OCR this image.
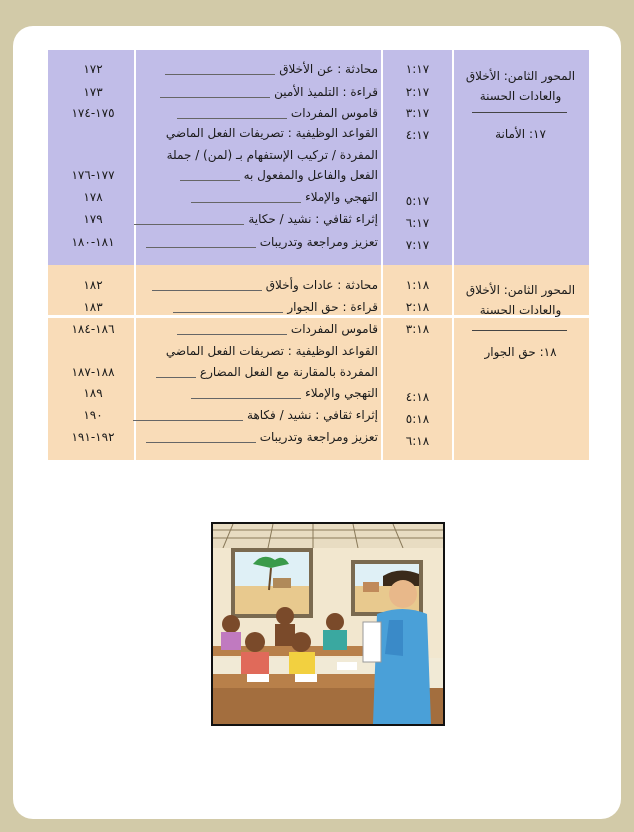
المحور الثامن: الأخلاق والعادات الحسنة
١٧: الأمانة
١:١٧
محادثة : عن الأخلاق
١٧٢
٢:١٧
قراءة : التلميذ الأمين
١٧٣
٣:١٧
قاموس المفردات
١٧٥-١٧٤
٤:١٧
القواعد الوظيفية : تصريفات الفعل الماضي
المفردة / تركيب الإستفهام بـ (لمن) / جملة
الفعل والفاعل والمفعول به
١٧٧-١٧٦
٥:١٧
التهجي والإملاء
١٧٨
٦:١٧
إثراء ثقافي : نشيد / حكاية
١٧٩
٧:١٧
تعزيز ومراجعة وتدريبات
١٨١-١٨٠
المحور الثامن: الأخلاق والعادات الحسنة
١٨: حق الجوار
١:١٨
محادثة : عادات وأخلاق
١٨٢
٢:١٨
قراءة : حق الجوار
١٨٣
٣:١٨
قاموس المفردات
١٨٦-١٨٤
القواعد الوظيفية : تصريفات الفعل الماضي
المفردة بالمقارنة مع الفعل المضارع
١٨٨-١٨٧
٤:١٨
التهجي والإملاء
١٨٩
٥:١٨
إثراء ثقافي : نشيد / فكاهة
١٩٠
٦:١٨
تعزيز ومراجعة وتدريبات
١٩٢-١٩١
